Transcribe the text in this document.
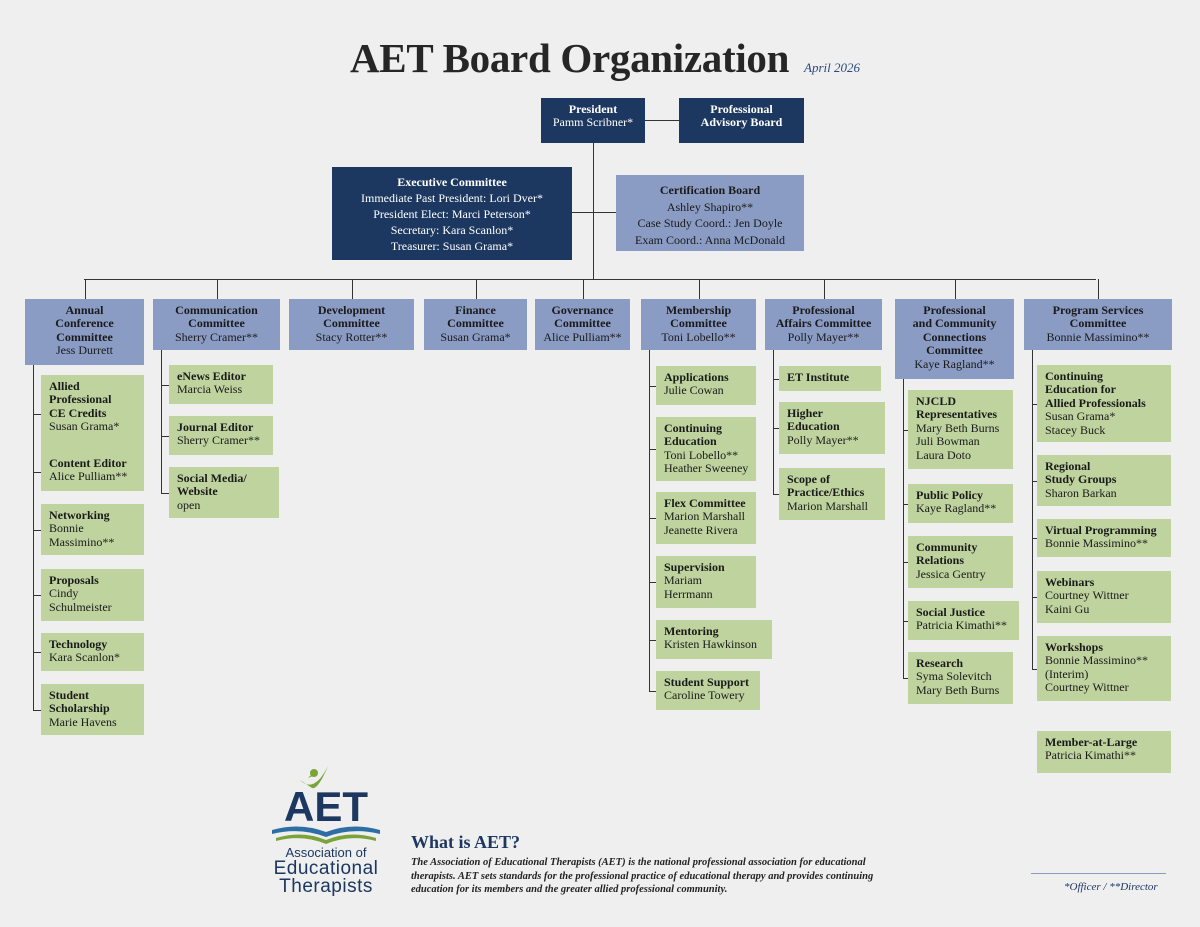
AET Board Organization April 2026
President
Pamm Scribner*
Professional
Advisory Board
Executive Committee
Immediate Past President: Lori Dver*
President Elect: Marci Peterson*
Secretary: Kara Scanlon*
Treasurer: Susan Grama*
Certification Board
Ashley Shapiro**
Case Study Coord.: Jen Doyle
Exam Coord.: Anna McDonald
Annual
Conference
Committee
Jess Durrett
Allied
Professional
CE Credits
Susan Grama*
Content Editor
Alice Pulliam**
Networking
Bonnie
Massimino**
Proposals
Cindy
Schulmeister
Technology
Kara Scanlon*
Student
Scholarship
Marie Havens
Communication
Committee
Sherry Cramer**
eNews Editor
Marcia Weiss
Journal Editor
Sherry Cramer**
Social Media/
Website
open
Development
Committee
Stacy Rotter**
Finance
Committee
Susan Grama*
Governance
Committee
Alice Pulliam**
Membership
Committee
Toni Lobello**
Applications
Julie Cowan
Continuing
Education
Toni Lobello**
Heather Sweeney
Flex Committee
Marion Marshall
Jeanette Rivera
Supervision
Mariam
Herrmann
Mentoring
Kristen Hawkinson
Student Support
Caroline Towery
Professional
Affairs Committee
Polly Mayer**
ET Institute
Higher
Education
Polly Mayer**
Scope of
Practice/Ethics
Marion Marshall
Professional
and Community
Connections
Committee
Kaye Ragland**
NJCLD
Representatives
Mary Beth Burns
Juli Bowman
Laura Doto
Public Policy
Kaye Ragland**
Community
Relations
Jessica Gentry
Social Justice
Patricia Kimathi**
Research
Syma Solevitch
Mary Beth Burns
Program Services
Committee
Bonnie Massimino**
Continuing
Education for
Allied Professionals
Susan Grama*
Stacey Buck
Regional
Study Groups
Sharon Barkan
Virtual Programming
Bonnie Massimino**
Webinars
Courtney Wittner
Kaini Gu
Workshops
Bonnie Massimino**
(Interim)
Courtney Wittner
Member-at-Large
Patricia Kimathi**
AET
Association of
Educational
Therapists
What is AET?
The Association of Educational Therapists (AET) is the national professional association for educational therapists. AET sets standards for the professional practice of educational therapy and provides continuing education for its members and the greater allied professional community.	*Officer / **Director
